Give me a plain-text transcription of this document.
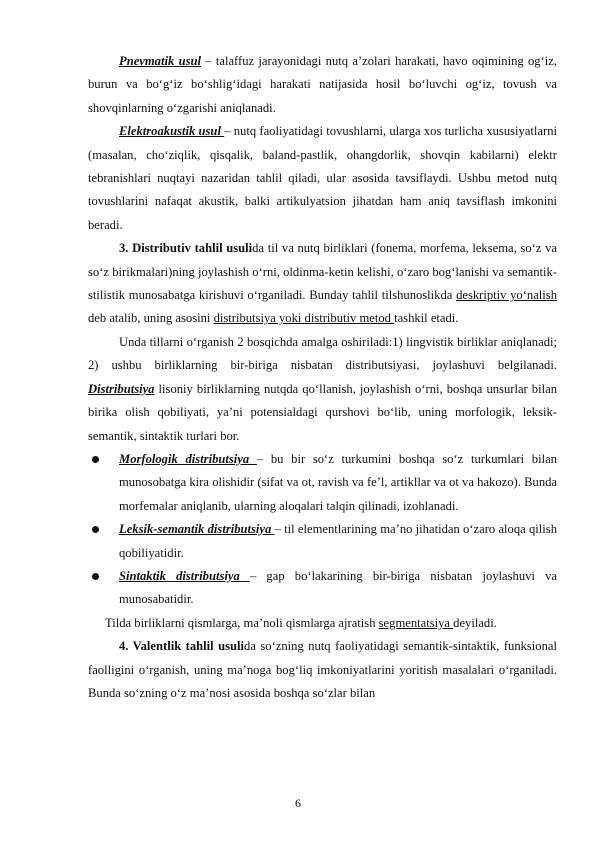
Pnevmatik usul – talaffuz jarayonidagi nutq a’zolari harakati, havo oqimining og‘iz, burun va bo‘g‘iz bo‘shlig‘idagi harakati natijasida hosil bo‘luvchi og‘iz, tovush va shovqinlarning o‘zgarishi aniqlanadi.

Elektroakustik usul – nutq faoliyatidagi tovushlarni, ularga xos turlicha xususiyatlarni (masalan, cho‘ziqlik, qisqalik, baland-pastlik, ohangdorlik, shovqin kabilarni) elektr tebranishlari nuqtayi nazaridan tahlil qiladi, ular asosida tavsiflaydi. Ushbu metod nutq tovushlarini nafaqat akustik, balki artikulyatsion jihatdan ham aniq tavsiflash imkonini beradi.

3. Distributiv tahlil usulida til va nutq birliklari (fonema, morfema, leksema, so‘z va so‘z birikmalari)ning joylashish o‘rni, oldinma-ketin kelishi, o‘zaro bog‘lanishi va semantik-stilistik munosabatga kirishuvi o‘rganiladi. Bunday tahlil tilshunoslikda deskriptiv yo‘nalish deb atalib, uning asosini distributsiya yoki distributiv metod tashkil etadi.

Unda tillarni o‘rganish 2 bosqichda amalga oshiriladi:1) lingvistik birliklar aniqlanadi; 2) ushbu birliklarning bir-biriga nisbatan distributsiyasi, joylashuvi belgilanadi. Distributsiya lisoniy birliklarning nutqda qo‘llanish, joylashish o‘rni, boshqa unsurlar bilan birika olish qobiliyati, ya’ni potensialdagi qurshovi bo‘lib, uning morfologik, leksik-semantik, sintaktik turlari bor.

Morfologik distributsiya – bu bir so‘z turkumini boshqa so‘z turkumlari bilan munosobatga kira olishidir (sifat va ot, ravish va fe’l, artikllar va ot va hakozo). Bunda morfemalar aniqlanib, ularning aloqalari talqin qilinadi, izohlanadi.
Leksik-semantik distributsiya – til elementlarining ma’no jihatidan o‘zaro aloqa qilish qobiliyatidir.
Sintaktik distributsiya – gap bo‘lakarining bir-biriga nisbatan joylashuvi va munosabatidir.

Tilda birliklarni qismlarga, ma’noli qismlarga ajratish segmentatsiya deyiladi.

4. Valentlik tahlil usulida so‘zning nutq faoliyatidagi semantik-sintaktik, funksional faolligini o‘rganish, uning ma’noga bog‘liq imkoniyatlarini yoritish masalalari o‘rganiladi. Bunda so‘zning o‘z ma’nosi asosida boshqa so‘zlar bilan

6
